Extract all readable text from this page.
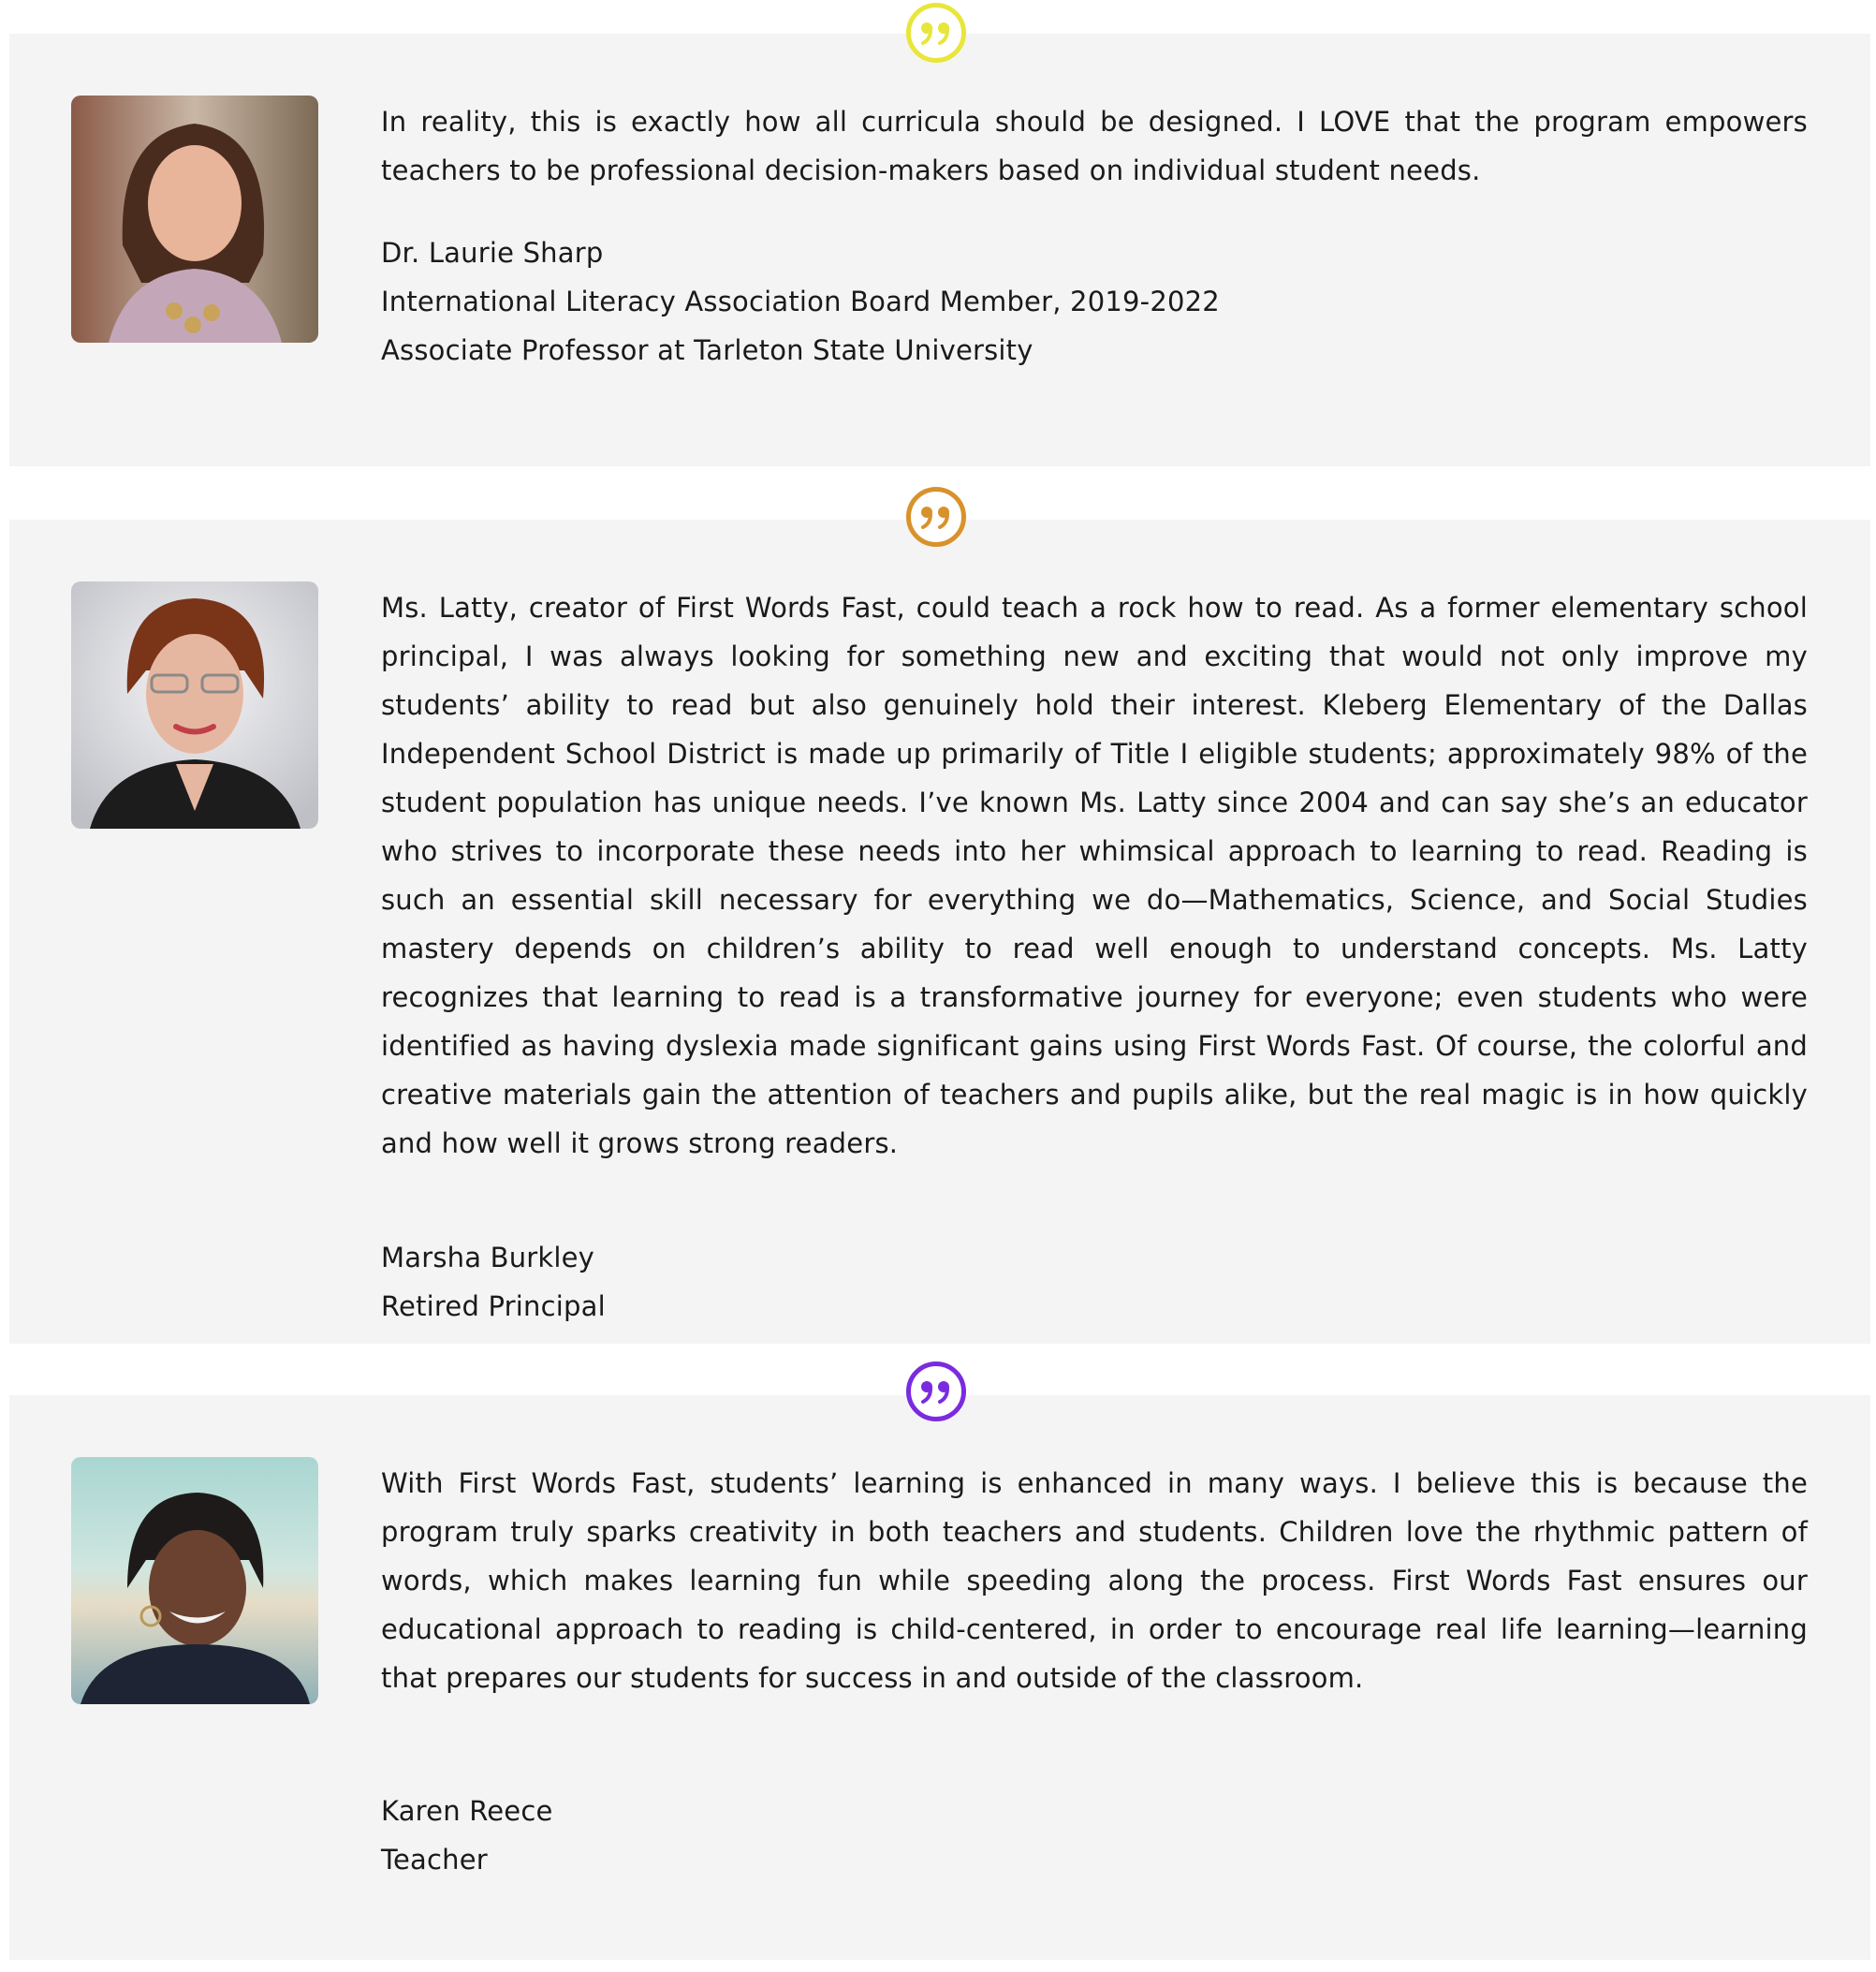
In reality, this is exactly how all curricula should be designed. I LOVE that the program empowers teachers to be professional decision-makers based on individual student needs.

Dr. Laurie Sharp
International Literacy Association Board Member, 2019-2022
Associate Professor at Tarleton State University

Ms. Latty, creator of First Words Fast, could teach a rock how to read. As a former elementary school principal, I was always looking for something new and exciting that would not only improve my students’ ability to read but also genuinely hold their interest. Kleberg Elementary of the Dallas Independent School District is made up primarily of Title I eligible students; approximately 98% of the student population has unique needs. I’ve known Ms. Latty since 2004 and can say she’s an educator who strives to incorporate these needs into her whimsical approach to learning to read. Reading is such an essential skill necessary for everything we do—Mathematics, Science, and Social Studies mastery depends on children’s ability to read well enough to understand concepts. Ms. Latty recognizes that learning to read is a transformative journey for everyone; even students who were identified as having dyslexia made significant gains using First Words Fast. Of course, the colorful and creative materials gain the attention of teachers and pupils alike, but the real magic is in how quickly and how well it grows strong readers.

Marsha Burkley
Retired Principal

With First Words Fast, students’ learning is enhanced in many ways. I believe this is because the program truly sparks creativity in both teachers and students. Children love the rhythmic pattern of words, which makes learning fun while speeding along the process. First Words Fast ensures our educational approach to reading is child-centered, in order to encourage real life learning—learning that prepares our students for success in and outside of the classroom.

Karen Reece
Teacher
